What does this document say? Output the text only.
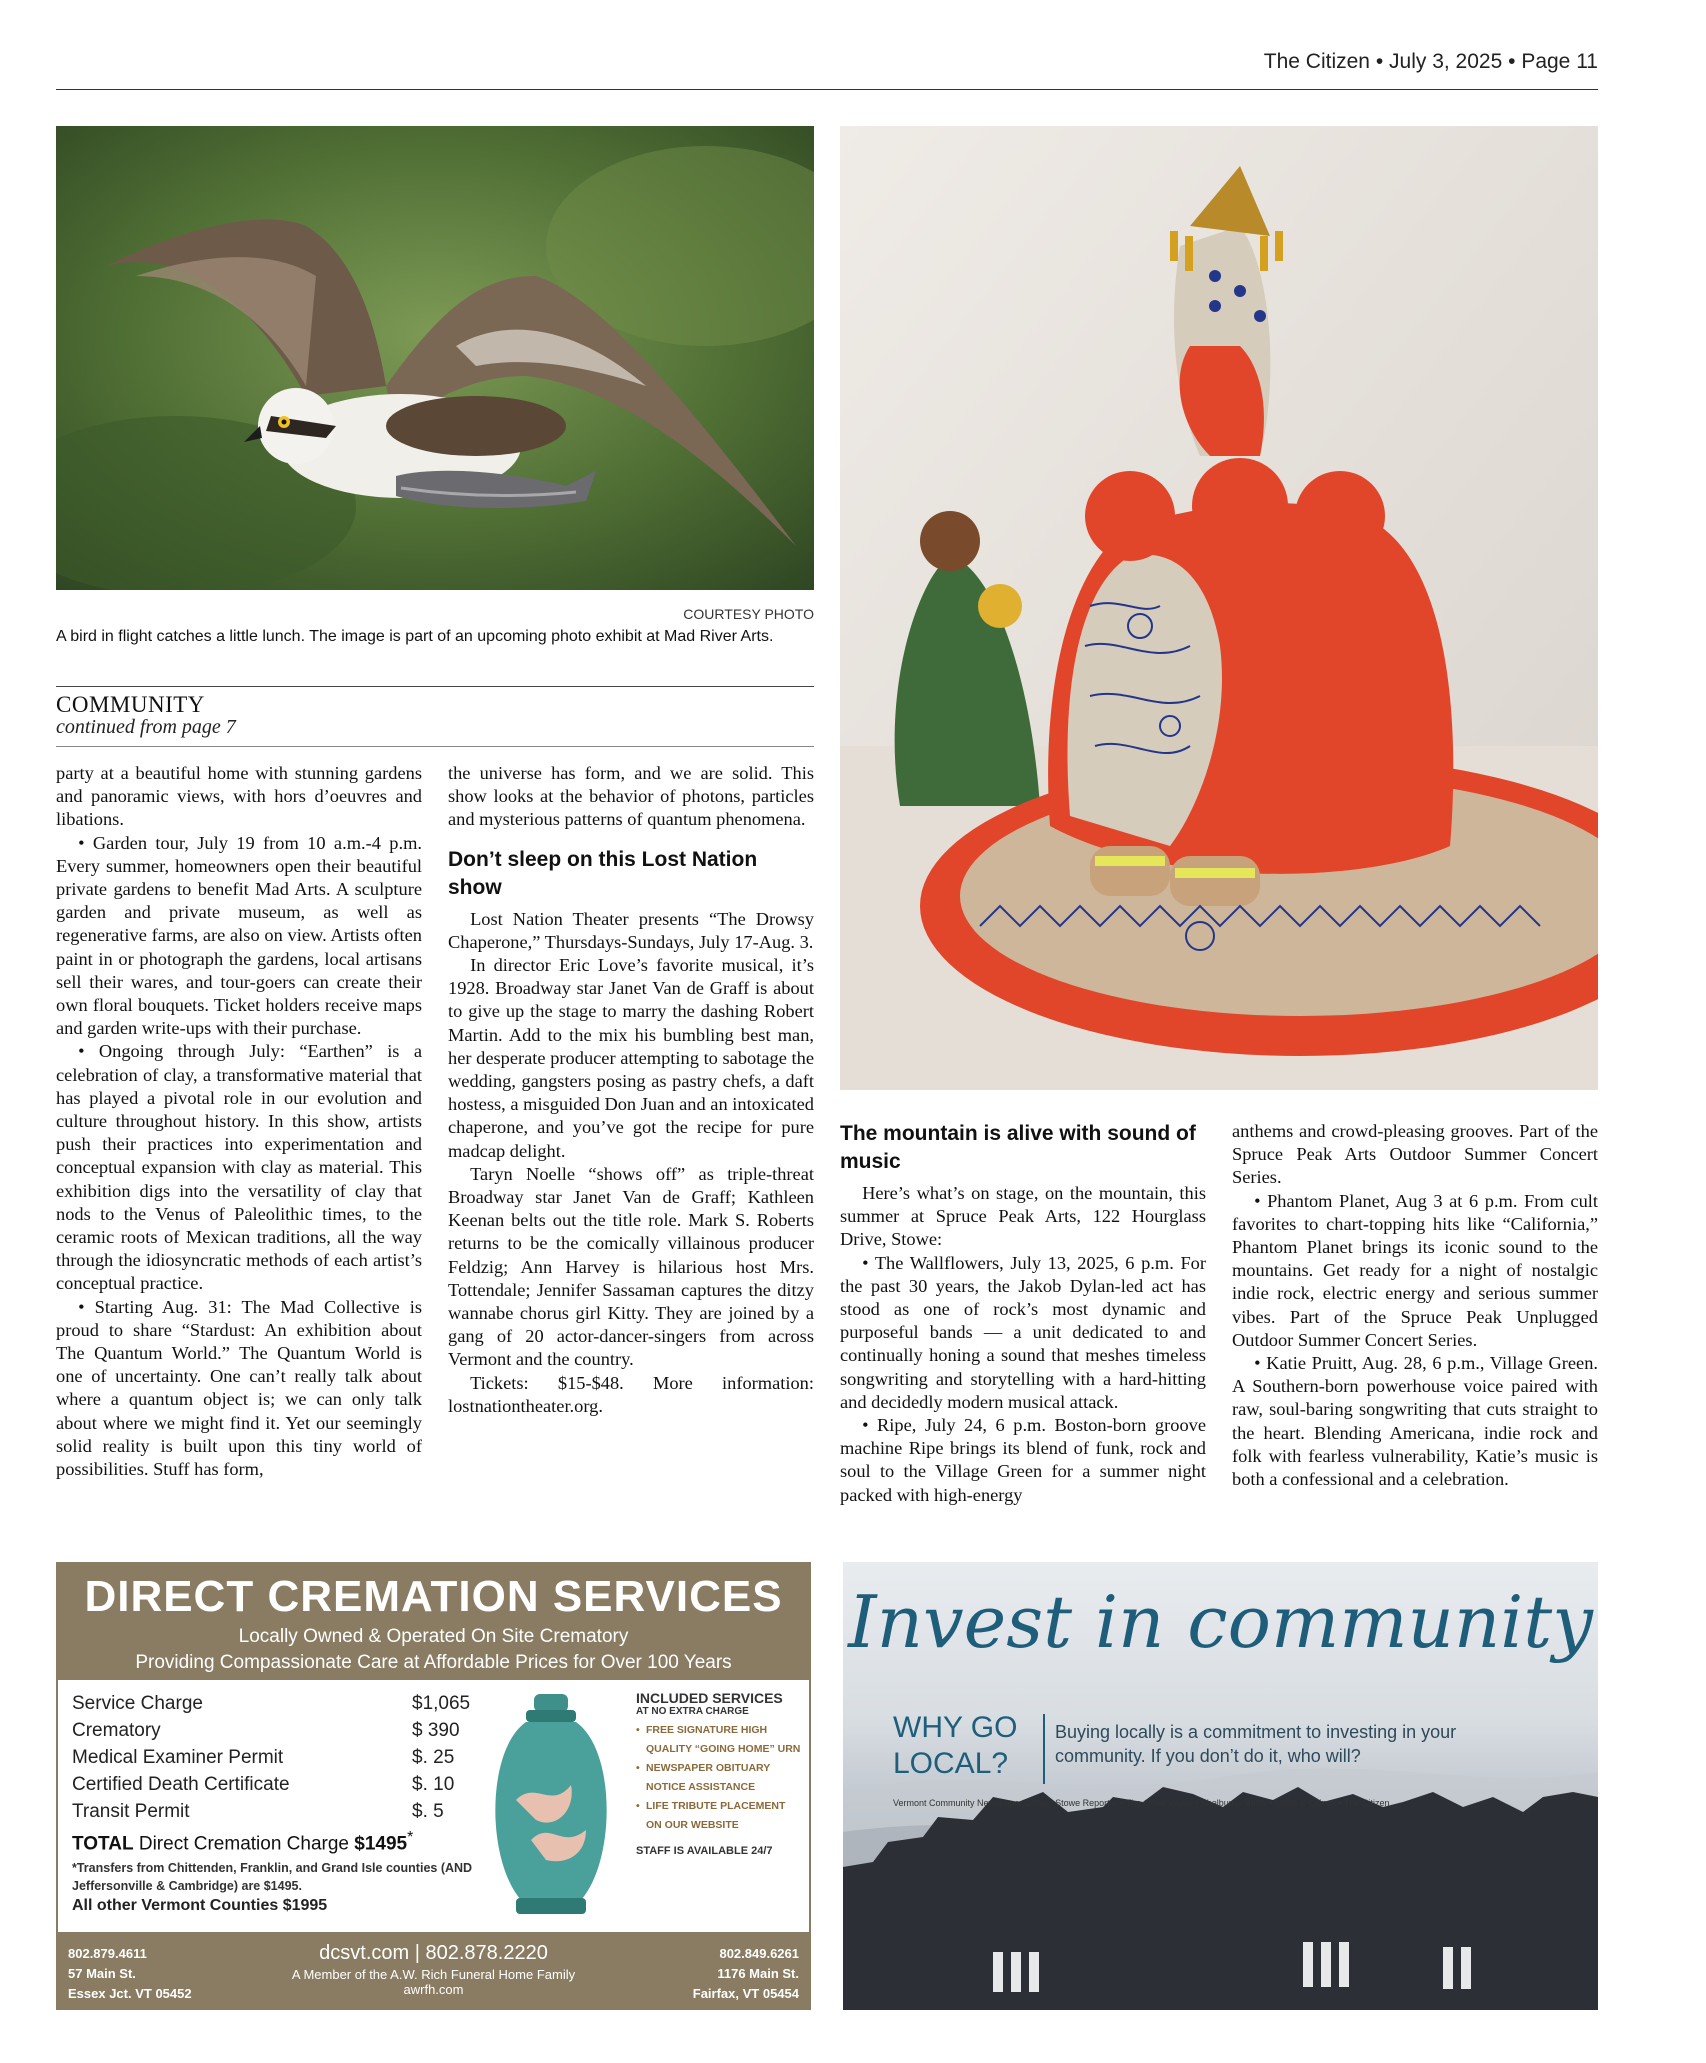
The Citizen • July 3, 2025 • Page 11
COURTESY PHOTO
A bird in flight catches a little lunch. The image is part of an upcoming photo exhibit at Mad River Arts.
COMMUNITY
continued from page 7

party at a beautiful home with stunning gardens and panoramic views, with hors d’oeuvres and libations.

• Garden tour, July 19 from 10 a.m.-4 p.m. Every summer, homeowners open their beautiful private gardens to benefit Mad Arts. A sculpture garden and private museum, as well as regenerative farms, are also on view. Artists often paint in or photograph the gardens, local artisans sell their wares, and tour-goers can create their own floral bouquets. Ticket holders receive maps and garden write-ups with their purchase.

• Ongoing through July: “Earthen” is a celebration of clay, a transformative material that has played a pivotal role in our evolution and culture throughout history. In this show, artists push their practices into experimentation and conceptual expansion with clay as material. This exhibition digs into the versatility of clay that nods to the Venus of Paleolithic times, to the ceramic roots of Mexican traditions, all the way through the idiosyncratic methods of each artist’s conceptual practice.

• Starting Aug. 31: The Mad Collective is proud to share “Stardust: An exhibition about The Quantum World.” The Quantum World is one of uncertainty. One can’t really talk about where a quantum object is; we can only talk about where we might find it. Yet our seemingly solid reality is built upon this tiny world of possibilities. Stuff has form,

the universe has form, and we are solid. This show looks at the behavior of photons, particles and mysterious patterns of quantum phenomena.

Don’t sleep on this Lost Nation show

Lost Nation Theater presents “The Drowsy Chaperone,” Thursdays-Sundays, July 17-Aug. 3.

In director Eric Love’s favorite musical, it’s 1928. Broadway star Janet Van de Graff is about to give up the stage to marry the dashing Robert Martin. Add to the mix his bumbling best man, her desperate producer attempting to sabotage the wedding, gangsters posing as pastry chefs, a daft hostess, a misguided Don Juan and an intoxicated chaperone, and you’ve got the recipe for pure madcap delight.

Taryn Noelle “shows off” as triple-threat Broadway star Janet Van de Graff; Kathleen Keenan belts out the title role. Mark S. Roberts returns to be the comically villainous producer Feldzig; Ann Harvey is hilarious host Mrs. Tottendale; Jennifer Sassaman captures the ditzy wannabe chorus girl Kitty. They are joined by a gang of 20 actor-dancer-singers from across Vermont and the country.

Tickets: $15-$48. More information: lostnationtheater.org.

The mountain is alive with sound of music

Here’s what’s on stage, on the mountain, this summer at Spruce Peak Arts, 122 Hourglass Drive, Stowe:

• The Wallflowers, July 13, 2025, 6 p.m. For the past 30 years, the Jakob Dylan-led act has stood as one of rock’s most dynamic and purposeful bands — a unit dedicated to and continually honing a sound that meshes timeless songwriting and storytelling with a hard-hitting and decidedly modern musical attack.

• Ripe, July 24, 6 p.m. Boston-born groove machine Ripe brings its blend of funk, rock and soul to the Village Green for a summer night packed with high-energy

anthems and crowd-pleasing grooves. Part of the Spruce Peak Arts Outdoor Summer Concert Series.

• Phantom Planet, Aug 3 at 6 p.m. From cult favorites to chart-topping hits like “California,” Phantom Planet brings its iconic sound to the mountains. Get ready for a night of nostalgic indie rock, electric energy and serious summer vibes. Part of the Spruce Peak Unplugged Outdoor Summer Concert Series.

• Katie Pruitt, Aug. 28, 6 p.m., Village Green. A Southern-born powerhouse voice paired with raw, soul-baring songwriting that cuts straight to the heart. Blending Americana, indie rock and folk with fearless vulnerability, Katie’s music is both a confessional and a celebration.

DIRECT CREMATION SERVICES
Locally Owned & Operated On Site Crematory
Providing Compassionate Care at Affordable Prices for Over 100 Years
Service Charge	$1,065
Crematory	$ 390
Medical Examiner Permit	$. 25
Certified Death Certificate	$. 10
Transit Permit	$. 5
TOTAL Direct Cremation Charge $1495*
*Transfers from Chittenden, Franklin, and Grand Isle counties (AND Jeffersonville & Cambridge) are $1495.
All other Vermont Counties $1995
INCLUDED SERVICES
AT NO EXTRA CHARGE
• FREE SIGNATURE HIGH QUALITY “GOING HOME” URN
• NEWSPAPER OBITUARY NOTICE ASSISTANCE
• LIFE TRIBUTE PLACEMENT ON OUR WEBSITE
STAFF IS AVAILABLE 24/7
802.879.4611
57 Main St.
Essex Jct. VT 05452
dcsvt.com | 802.878.2220
A Member of the A.W. Rich Funeral Home Family
awrfh.com
802.849.6261
1176 Main St.
Fairfax, VT 05454
Invest in community
WHY GO LOCAL?
Buying locally is a commitment to investing in your community. If you don’t do it, who will?
Vermont Community Newspaper Group: Stowe Reporter • The Other Paper • Shelburne News • News & Citizen • The Citizen
